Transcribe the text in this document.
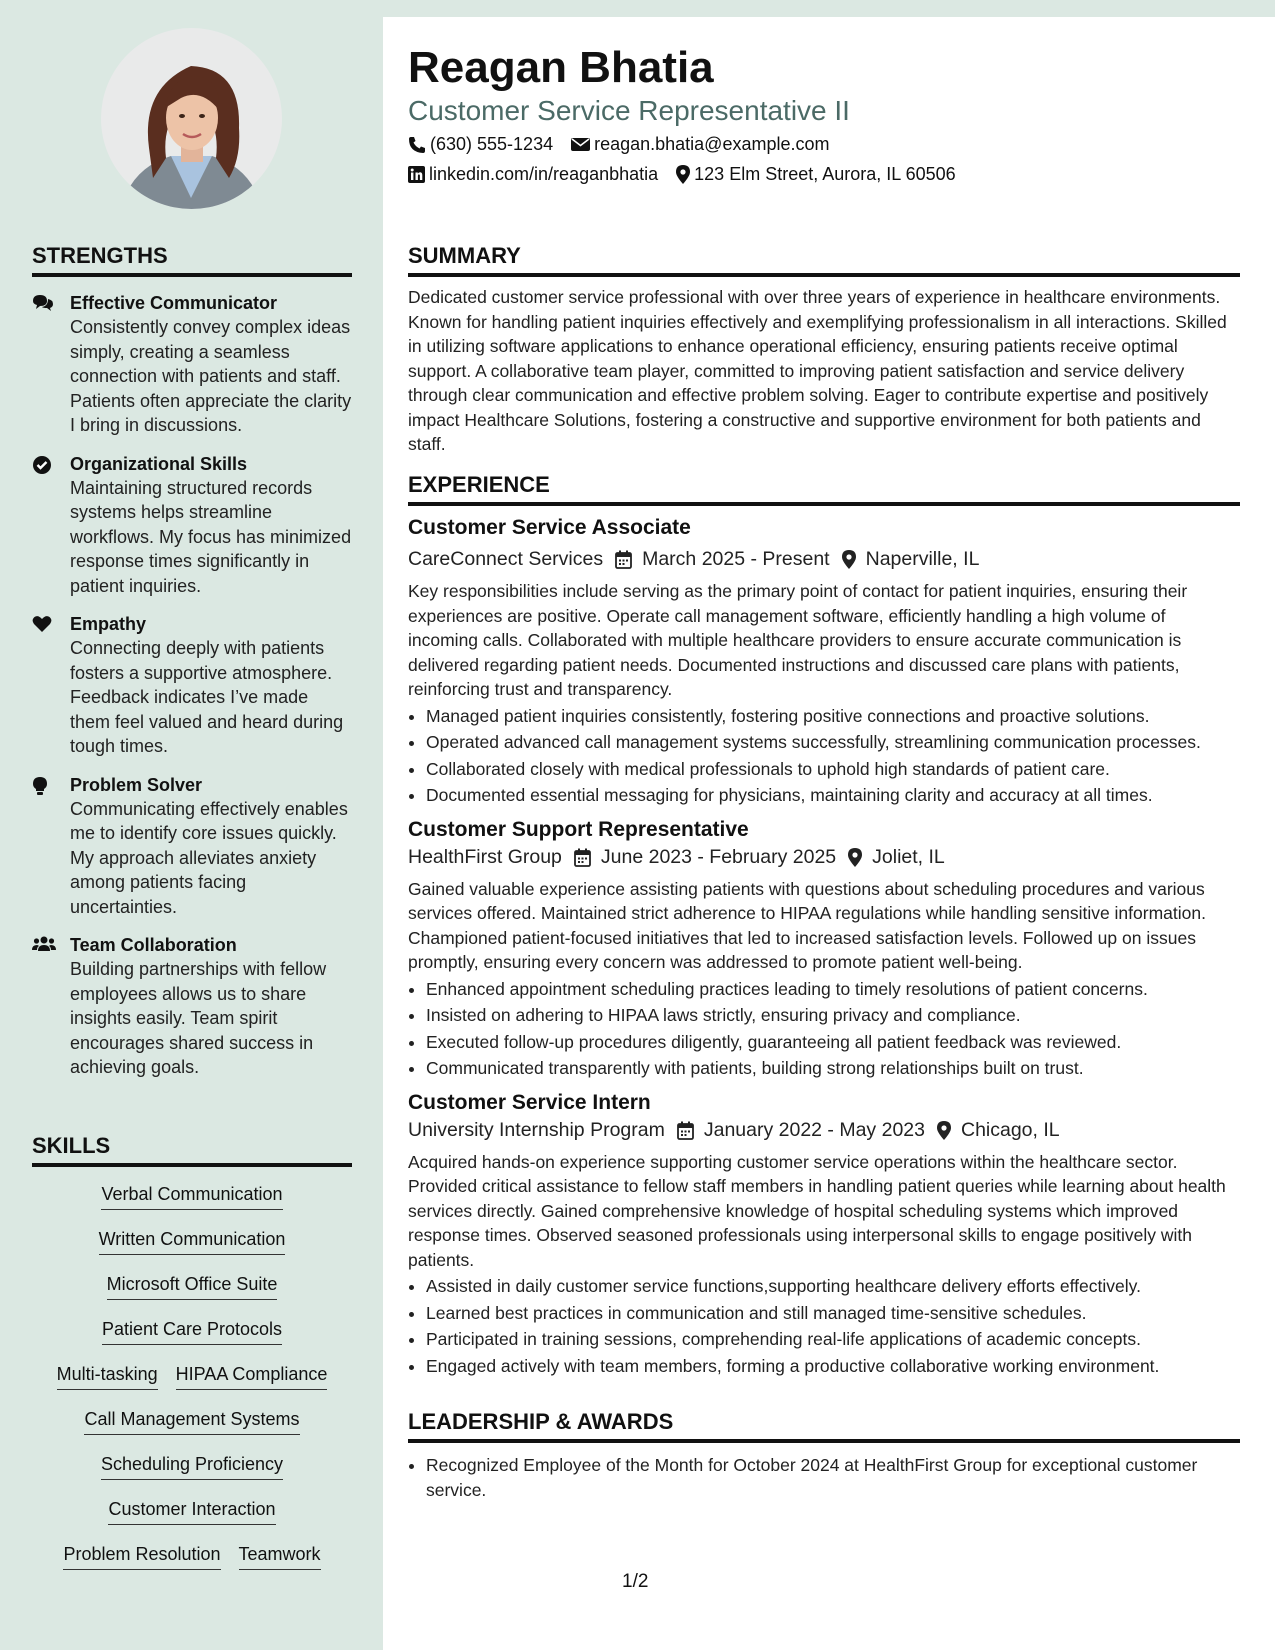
STRENGTHS
Effective Communicator
Consistently convey complex ideas simply, creating a seamless connection with patients and staff. Patients often appreciate the clarity I bring in discussions.
Organizational Skills
Maintaining structured records systems helps streamline workflows. My focus has minimized response times significantly in patient inquiries.
Empathy
Connecting deeply with patients fosters a supportive atmosphere. Feedback indicates I’ve made them feel valued and heard during tough times.
Problem Solver
Communicating effectively enables me to identify core issues quickly. My approach alleviates anxiety among patients facing uncertainties.
Team Collaboration
Building partnerships with fellow employees allows us to share insights easily. Team spirit encourages shared success in achieving goals.
SKILLS
Verbal Communication
Written Communication
Microsoft Office Suite
Patient Care Protocols
Multi-tasking HIPAA Compliance
Call Management Systems
Scheduling Proficiency
Customer Interaction
Problem Resolution Teamwork
Reagan Bhatia
Customer Service Representative II
(630) 555-1234 reagan.bhatia@example.com
linkedin.com/in/reaganbhatia 123 Elm Street, Aurora, IL 60506
SUMMARY
Dedicated customer service professional with over three years of experience in healthcare environments. Known for handling patient inquiries effectively and exemplifying professionalism in all interactions. Skilled in utilizing software applications to enhance operational efficiency, ensuring patients receive optimal support. A collaborative team player, committed to improving patient satisfaction and service delivery through clear communication and effective problem solving. Eager to contribute expertise and positively impact Healthcare Solutions, fostering a constructive and supportive environment for both patients and staff.
EXPERIENCE
Customer Service Associate
CareConnect Services March 2025 - Present Naperville, IL
Key responsibilities include serving as the primary point of contact for patient inquiries, ensuring their experiences are positive. Operate call management software, efficiently handling a high volume of incoming calls. Collaborated with multiple healthcare providers to ensure accurate communication is delivered regarding patient needs. Documented instructions and discussed care plans with patients, reinforcing trust and transparency.
• Managed patient inquiries consistently, fostering positive connections and proactive solutions.
• Operated advanced call management systems successfully, streamlining communication processes.
• Collaborated closely with medical professionals to uphold high standards of patient care.
• Documented essential messaging for physicians, maintaining clarity and accuracy at all times.
Customer Support Representative
HealthFirst Group June 2023 - February 2025 Joliet, IL
Gained valuable experience assisting patients with questions about scheduling procedures and various services offered. Maintained strict adherence to HIPAA regulations while handling sensitive information. Championed patient-focused initiatives that led to increased satisfaction levels. Followed up on issues promptly, ensuring every concern was addressed to promote patient well-being.
• Enhanced appointment scheduling practices leading to timely resolutions of patient concerns.
• Insisted on adhering to HIPAA laws strictly, ensuring privacy and compliance.
• Executed follow-up procedures diligently, guaranteeing all patient feedback was reviewed.
• Communicated transparently with patients, building strong relationships built on trust.
Customer Service Intern
University Internship Program January 2022 - May 2023 Chicago, IL
Acquired hands-on experience supporting customer service operations within the healthcare sector. Provided critical assistance to fellow staff members in handling patient queries while learning about health services directly. Gained comprehensive knowledge of hospital scheduling systems which improved response times. Observed seasoned professionals using interpersonal skills to engage positively with patients.
• Assisted in daily customer service functions,supporting healthcare delivery efforts effectively.
• Learned best practices in communication and still managed time-sensitive schedules.
• Participated in training sessions, comprehending real-life applications of academic concepts.
• Engaged actively with team members, forming a productive collaborative working environment.
LEADERSHIP & AWARDS
• Recognized Employee of the Month for October 2024 at HealthFirst Group for exceptional customer service.
1/2
